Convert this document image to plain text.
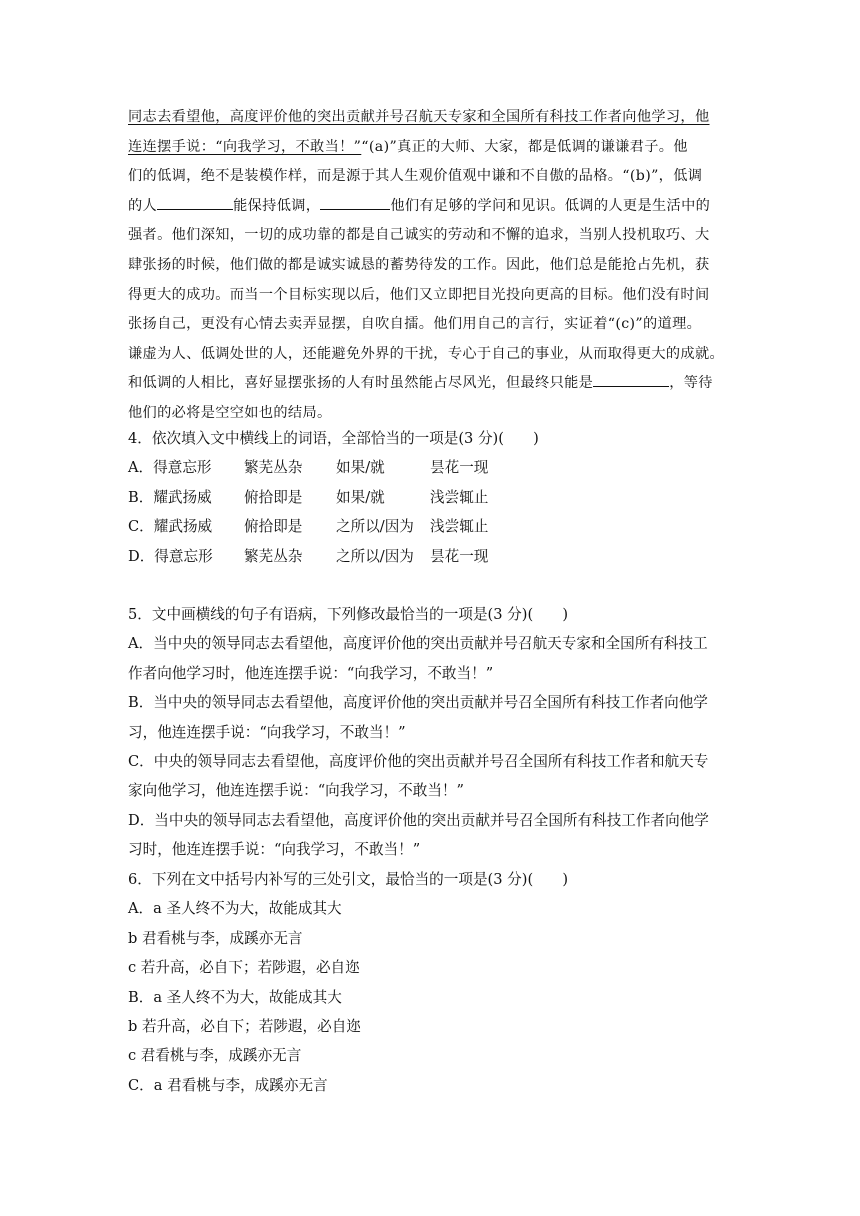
同志去看望他，高度评价他的突出贡献并号召航天专家和全国所有科技工作者向他学习，他

连连摆手说：“向我学习，不敢当！”“(a)”真正的大师、大家，都是低调的谦谦君子。他

们的低调，绝不是装模作样，而是源于其人生观价值观中谦和不自傲的品格。“(b)”，低调

的人	能保持低调，	他们有足够的学问和见识。低调的人更是生活中的

强者。他们深知，一切的成功靠的都是自己诚实的劳动和不懈的追求，当别人投机取巧、大

肆张扬的时候，他们做的都是诚实诚恳的蓄势待发的工作。因此，他们总是能抢占先机，获

得更大的成功。而当一个目标实现以后，他们又立即把目光投向更高的目标。他们没有时间

张扬自己，更没有心情去卖弄显摆，自吹自擂。他们用自己的言行，实证着“(c)”的道理。

谦虚为人、低调处世的人，还能避免外界的干扰，专心于自己的事业，从而取得更大的成就。

和低调的人相比，喜好显摆张扬的人有时虽然能占尽风光，但最终只能是	，等待

他们的必将是空空如也的结局。

4．依次填入文中横线上的词语，全部恰当的一项是(3 分)(　　)

A．得意忘形	繁芜丛杂	如果/就	昙花一现
B．耀武扬威	俯拾即是	如果/就	浅尝辄止
C．耀武扬威	俯拾即是	之所以/因为	浅尝辄止
D．得意忘形	繁芜丛杂	之所以/因为	昙花一现

5．文中画横线的句子有语病，下列修改最恰当的一项是(3 分)(　　)

A．当中央的领导同志去看望他，高度评价他的突出贡献并号召航天专家和全国所有科技工

作者向他学习时，他连连摆手说：“向我学习，不敢当！”

B．当中央的领导同志去看望他，高度评价他的突出贡献并号召全国所有科技工作者向他学

习，他连连摆手说：“向我学习，不敢当！”

C．中央的领导同志去看望他，高度评价他的突出贡献并号召全国所有科技工作者和航天专

家向他学习，他连连摆手说：“向我学习，不敢当！”

D．当中央的领导同志去看望他，高度评价他的突出贡献并号召全国所有科技工作者向他学

习时，他连连摆手说：“向我学习，不敢当！”

6．下列在文中括号内补写的三处引文，最恰当的一项是(3 分)(　　)

A．a 圣人终不为大，故能成其大

b 君看桃与李，成蹊亦无言

c 若升高，必自下；若陟遐，必自迩

B．a 圣人终不为大，故能成其大

b 若升高，必自下；若陟遐，必自迩

c 君看桃与李，成蹊亦无言

C．a 君看桃与李，成蹊亦无言
